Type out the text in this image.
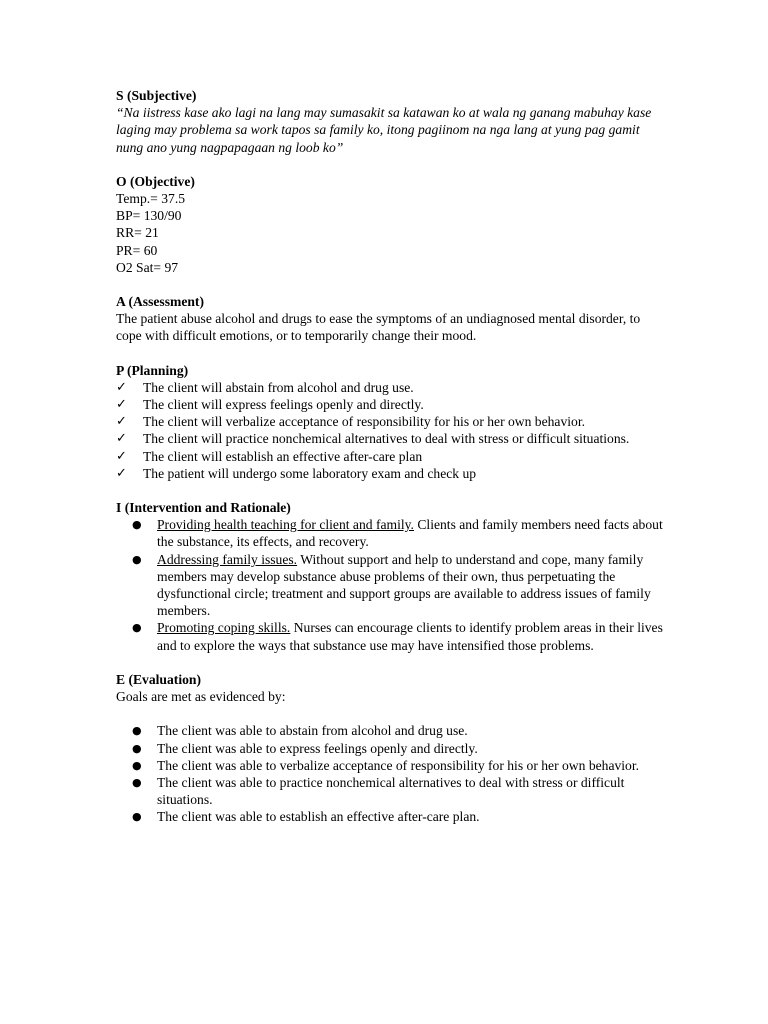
S (Subjective)

“Na iistress kase ako lagi na lang may sumasakit sa katawan ko at wala ng ganang mabuhay kase laging may problema sa work tapos sa family ko, itong pagiinom na nga lang at yung pag gamit nung ano yung nagpapagaan ng loob ko”

O (Objective)

Temp.= 37.5

BP= 130/90

RR= 21

PR= 60

O2 Sat= 97

A (Assessment)

The patient abuse alcohol and drugs to ease the symptoms of an undiagnosed mental disorder, to cope with difficult emotions, or to temporarily change their mood.

P (Planning)

✓	The client will abstain from alcohol and drug use.
✓	The client will express feelings openly and directly.
✓	The client will verbalize acceptance of responsibility for his or her own behavior.
✓	The client will practice nonchemical alternatives to deal with stress or difficult situations.
✓	The client will establish an effective after-care plan
✓	The patient will undergo some laboratory exam and check up

I (Intervention and Rationale)

● Providing health teaching for client and family. Clients and family members need facts about the substance, its effects, and recovery.
● Addressing family issues. Without support and help to understand and cope, many family members may develop substance abuse problems of their own, thus perpetuating the dysfunctional circle; treatment and support groups are available to address issues of family members.
● Promoting coping skills. Nurses can encourage clients to identify problem areas in their lives and to explore the ways that substance use may have intensified those problems.

E (Evaluation)

Goals are met as evidenced by:

● The client was able to abstain from alcohol and drug use.
● The client was able to express feelings openly and directly.
● The client was able to verbalize acceptance of responsibility for his or her own behavior.
● The client was able to practice nonchemical alternatives to deal with stress or difficult situations.
● The client was able to establish an effective after-care plan.
